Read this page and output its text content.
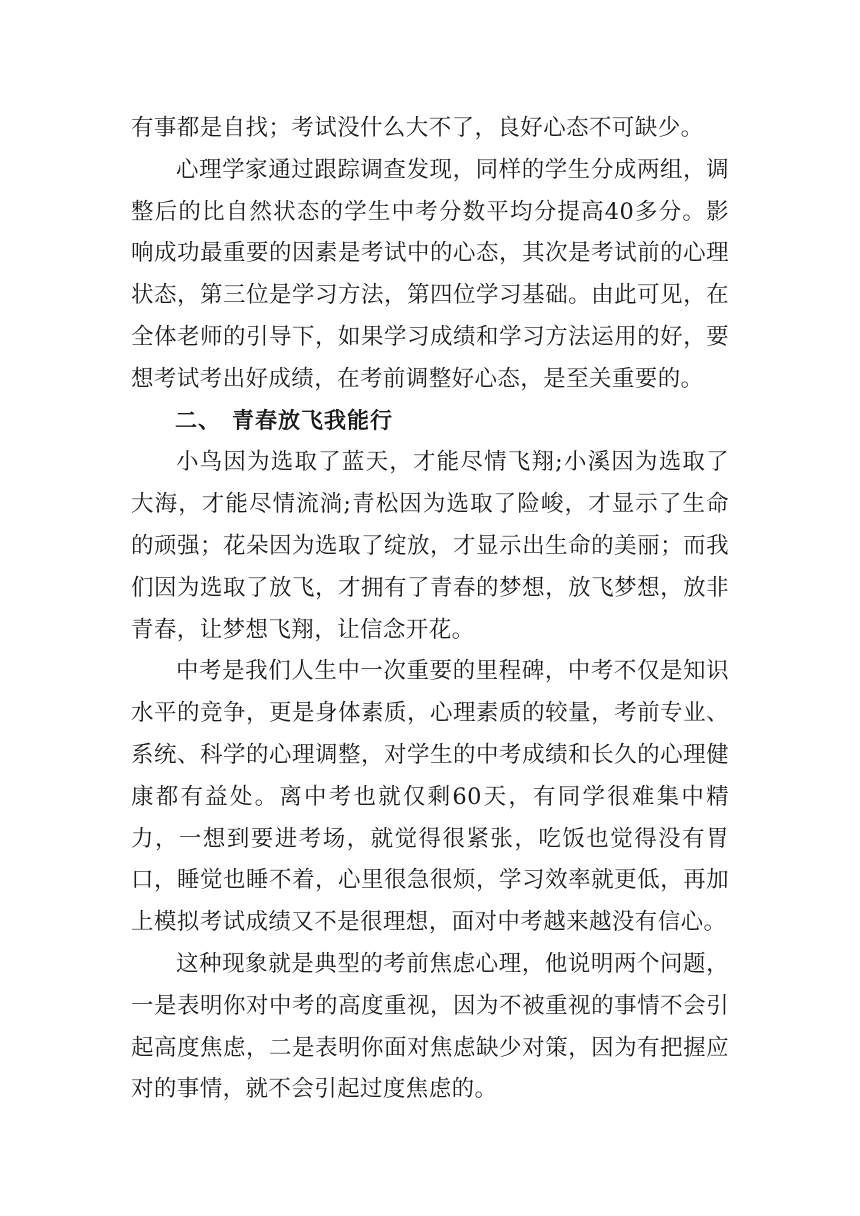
有事都是自找；考试没什么大不了，良好心态不可缺少。

心理学家通过跟踪调查发现，同样的学生分成两组，调整后的比自然状态的学生中考分数平均分提高40多分。影响成功最重要的因素是考试中的心态，其次是考试前的心理状态，第三位是学习方法，第四位学习基础。由此可见，在全体老师的引导下，如果学习成绩和学习方法运用的好，要想考试考出好成绩，在考前调整好心态，是至关重要的。

二、 青春放飞我能行

小鸟因为选取了蓝天，才能尽情飞翔;小溪因为选取了大海，才能尽情流淌;青松因为选取了险峻，才显示了生命的顽强；花朵因为选取了绽放，才显示出生命的美丽；而我们因为选取了放飞，才拥有了青春的梦想，放飞梦想，放非青春，让梦想飞翔，让信念开花。

中考是我们人生中一次重要的里程碑，中考不仅是知识水平的竞争，更是身体素质，心理素质的较量，考前专业、系统、科学的心理调整，对学生的中考成绩和长久的心理健康都有益处。离中考也就仅剩60天，有同学很难集中精力，一想到要进考场，就觉得很紧张，吃饭也觉得没有胃口，睡觉也睡不着，心里很急很烦，学习效率就更低，再加上模拟考试成绩又不是很理想，面对中考越来越没有信心。

这种现象就是典型的考前焦虑心理，他说明两个问题，一是表明你对中考的高度重视，因为不被重视的事情不会引起高度焦虑，二是表明你面对焦虑缺少对策，因为有把握应对的事情，就不会引起过度焦虑的。
